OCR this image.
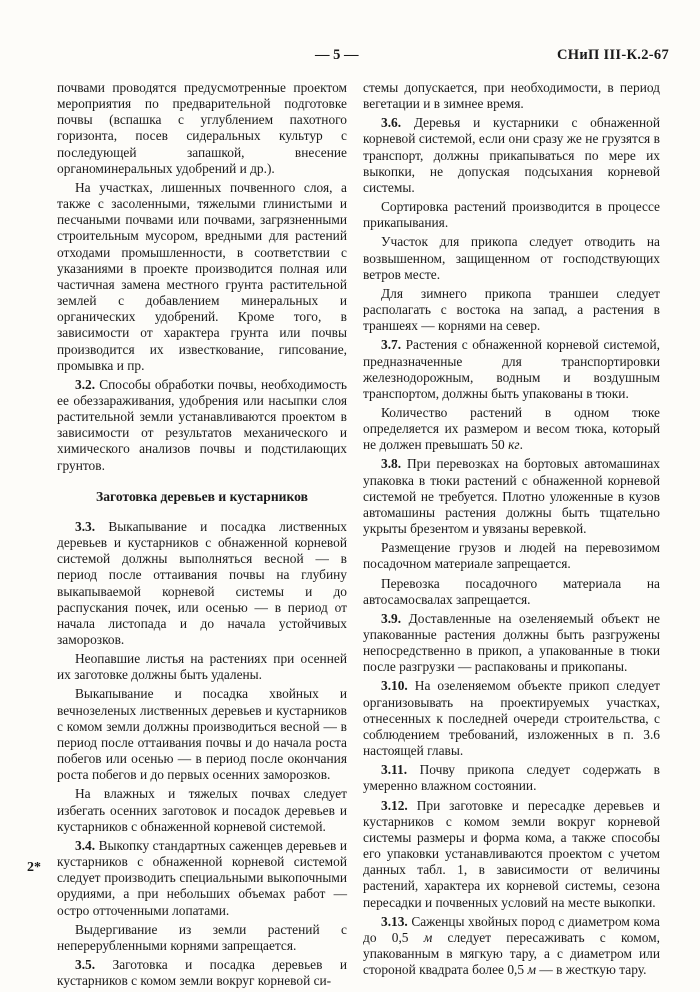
— 5 —	СНиП III-К.2-67

почвами проводятся предусмотренные проектом мероприятия по предварительной подготовке почвы (вспашка с углублением пахотного горизонта, посев сидеральных культур с последующей запашкой, внесение органоминеральных удобрений и др.).

На участках, лишенных почвенного слоя, а также с засоленными, тяжелыми глинистыми и песчаными почвами или почвами, загрязненными строительным мусором, вредными для растений отходами промышленности, в соответствии с указаниями в проекте производится полная или частичная замена местного грунта растительной землей с добавлением минеральных и органических удобрений. Кроме того, в зависимости от характера грунта или почвы производится их известкование, гипсование, промывка и пр.

3.2. Способы обработки почвы, необходимость ее обеззараживания, удобрения или насыпки слоя растительной земли устанавливаются проектом в зависимости от результатов механического и химического анализов почвы и подстилающих грунтов.

Заготовка деревьев и кустарников

3.3. Выкапывание и посадка лиственных деревьев и кустарников с обнаженной корневой системой должны выполняться весной — в период после оттаивания почвы на глубину выкапываемой корневой системы и до распускания почек, или осенью — в период от начала листопада и до начала устойчивых заморозков.

Неопавшие листья на растениях при осенней их заготовке должны быть удалены.

Выкапывание и посадка хвойных и вечнозеленых лиственных деревьев и кустарников с комом земли должны производиться весной — в период после оттаивания почвы и до начала роста побегов или осенью — в период после окончания роста побегов и до первых осенних заморозков.

На влажных и тяжелых почвах следует избегать осенних заготовок и посадок деревьев и кустарников с обнаженной корневой системой.

3.4. Выкопку стандартных саженцев деревьев и кустарников с обнаженной корневой системой следует производить специальными выкопочными орудиями, а при небольших объемах работ — остро отточенными лопатами.

Выдергивание из земли растений с неперерубленными корнями запрещается.

3.5. Заготовка и посадка деревьев и кустарников с комом земли вокруг корневой си-

стемы допускается, при необходимости, в период вегетации и в зимнее время.

3.6. Деревья и кустарники с обнаженной корневой системой, если они сразу же не грузятся в транспорт, должны прикапываться по мере их выкопки, не допуская подсыхания корневой системы.

Сортировка растений производится в процессе прикапывания.

Участок для прикопа следует отводить на возвышенном, защищенном от господствующих ветров месте.

Для зимнего прикопа траншеи следует располагать с востока на запад, а растения в траншеях — корнями на север.

3.7. Растения с обнаженной корневой системой, предназначенные для транспортировки железнодорожным, водным и воздушным транспортом, должны быть упакованы в тюки.

Количество растений в одном тюке определяется их размером и весом тюка, который не должен превышать 50 кг.

3.8. При перевозках на бортовых автомашинах упаковка в тюки растений с обнаженной корневой системой не требуется. Плотно уложенные в кузов автомашины растения должны быть тщательно укрыты брезентом и увязаны веревкой.

Размещение грузов и людей на перевозимом посадочном материале запрещается.

Перевозка посадочного материала на автосамосвалах запрещается.

3.9. Доставленные на озеленяемый объект не упакованные растения должны быть разгружены непосредственно в прикоп, а упакованные в тюки после разгрузки — распакованы и прикопаны.

3.10. На озеленяемом объекте прикоп следует организовывать на проектируемых участках, отнесенных к последней очереди строительства, с соблюдением требований, изложенных в п. 3.6 настоящей главы.

3.11. Почву прикопа следует содержать в умеренно влажном состоянии.

3.12. При заготовке и пересадке деревьев и кустарников с комом земли вокруг корневой системы размеры и форма кома, а также способы его упаковки устанавливаются проектом с учетом данных табл. 1, в зависимости от величины растений, характера их корневой системы, сезона пересадки и почвенных условий на месте выкопки.

3.13. Саженцы хвойных пород с диаметром кома до 0,5 м следует пересаживать с комом, упакованным в мягкую тару, а с диаметром или стороной квадрата более 0,5 м — в жесткую тару.

2*
